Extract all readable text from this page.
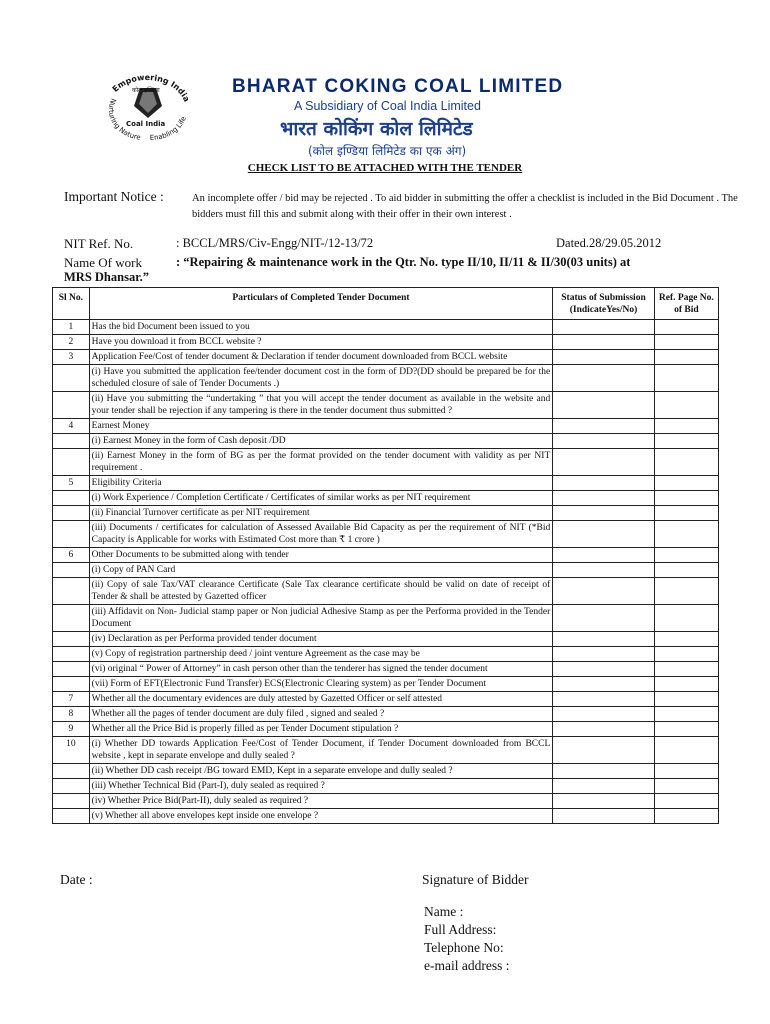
Empowering India
Nurturing Nature Enabling Life
कोल इण्डिया
Coal India
BHARAT COKING COAL LIMITED
A Subsidiary of Coal India Limited
भारत कोकिंग कोल लिमिटेड
(कोल इण्डिया लिमिटेड का एक अंग)
CHECK LIST TO BE ATTACHED WITH THE TENDER
Important Notice :	An incomplete offer / bid may be rejected . To aid bidder in submitting the offer a checklist is included in the Bid Document . The bidders must fill this and submit along with their offer in their own interest .
NIT Ref. No.	: BCCL/MRS/Civ-Engg/NIT-/12-13/72	Dated.28/29.05.2012
Name Of work	: “Repairing & maintenance work in the Qtr. No. type II/10, II/11 & II/30(03 units) at
MRS Dhansar.”
Sl No.	Particulars of Completed Tender Document	Status of Submission (IndicateYes/No)	Ref. Page No. of Bid
1	Has the bid Document been issued to you		
2	Have you download it from BCCL website ?		
3	Application Fee/Cost of tender document & Declaration if tender document downloaded from BCCL website		
	(i) Have you submitted the application fee/tender document cost in the form of DD?(DD should be prepared be for the scheduled closure of sale of Tender Documents .)		
	(ii) Have you submitting the “undertaking ” that you will accept the tender document as available in the website and your tender shall be rejection if any tampering is there in the tender document thus submitted ?		
4	Earnest Money		
	(i) Earnest Money in the form of Cash deposit /DD		
	(ii) Earnest Money in the form of BG as per the format provided on the tender document with validity as per NIT requirement .		
5	Eligibility Criteria		
	(i) Work Experience / Completion Certificate / Certificates of similar works as per NIT requirement		
	(ii) Financial Turnover certificate as per NIT requirement		
	(iii) Documents / certificates for calculation of Assessed Available Bid Capacity as per the requirement of NIT (*Bid Capacity is Applicable for works with Estimated Cost more than ₹ 1 crore )		
6	Other Documents to be submitted along with tender		
	(i) Copy of PAN Card		
	(ii) Copy of sale Tax/VAT clearance Certificate (Sale Tax clearance certificate should be valid on date of receipt of Tender & shall be attested by Gazetted officer		
	(iii) Affidavit on Non- Judicial stamp paper or Non judicial Adhesive Stamp as per the Performa provided in the Tender Document		
	(iv) Declaration as per Performa provided tender document		
	(v) Copy of registration partnership deed / joint venture Agreement as the case may be		
	(vi) original “ Power of Attorney” in cash person other than the tenderer has signed the tender document		
	(vii) Form of EFT(Electronic Fund Transfer) ECS(Electronic Clearing system) as per Tender Document		
7	Whether all the documentary evidences are duly attested by Gazetted Officer or self attested		
8	Whether all the pages of tender document are duly filed , signed and sealed ?		
9	Whether all the Price Bid is properly filled as per Tender Document stipulation ?		
10	(i) Whether DD towards Application Fee/Cost of Tender Document, if Tender Document downloaded from BCCL website , kept in separate envelope and dully sealed ?		
	(ii) Whether DD cash receipt /BG toward EMD, Kept in a separate envelope and dully sealed ?		
	(iii) Whether Technical Bid (Part-I), duly sealed as required ?		
	(iv) Whether Price Bid(Part-II), duly sealed as required ?		
	(v) Whether all above envelopes kept inside one envelope ?		
Date :	Signature of Bidder
Name :
Full Address:
Telephone No:
e-mail address :
